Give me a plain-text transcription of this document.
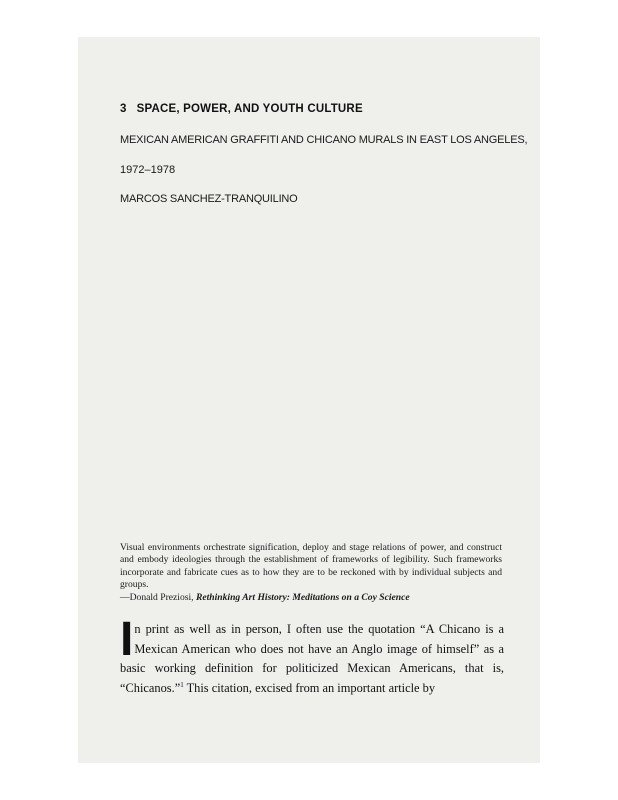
3 SPACE, POWER, AND YOUTH CULTURE
MEXICAN AMERICAN GRAFFITI AND CHICANO MURALS IN EAST LOS ANGELES,
1972–1978
MARCOS SANCHEZ-TRANQUILINO

Visual environments orchestrate signification, deploy and stage relations of power, and construct and embody ideologies through the establishment of frameworks of legibility. Such frameworks incorporate and fabricate cues as to how they are to be reckoned with by individual subjects and groups.

—Donald Preziosi, Rethinking Art History: Meditations on a Coy Science

In print as well as in person, I often use the quotation “A Chicano is a Mexican American who does not have an Anglo image of himself” as a basic working definition for politicized Mexican Americans, that is, “Chicanos.”$^1$ This citation, excised from an important article by
